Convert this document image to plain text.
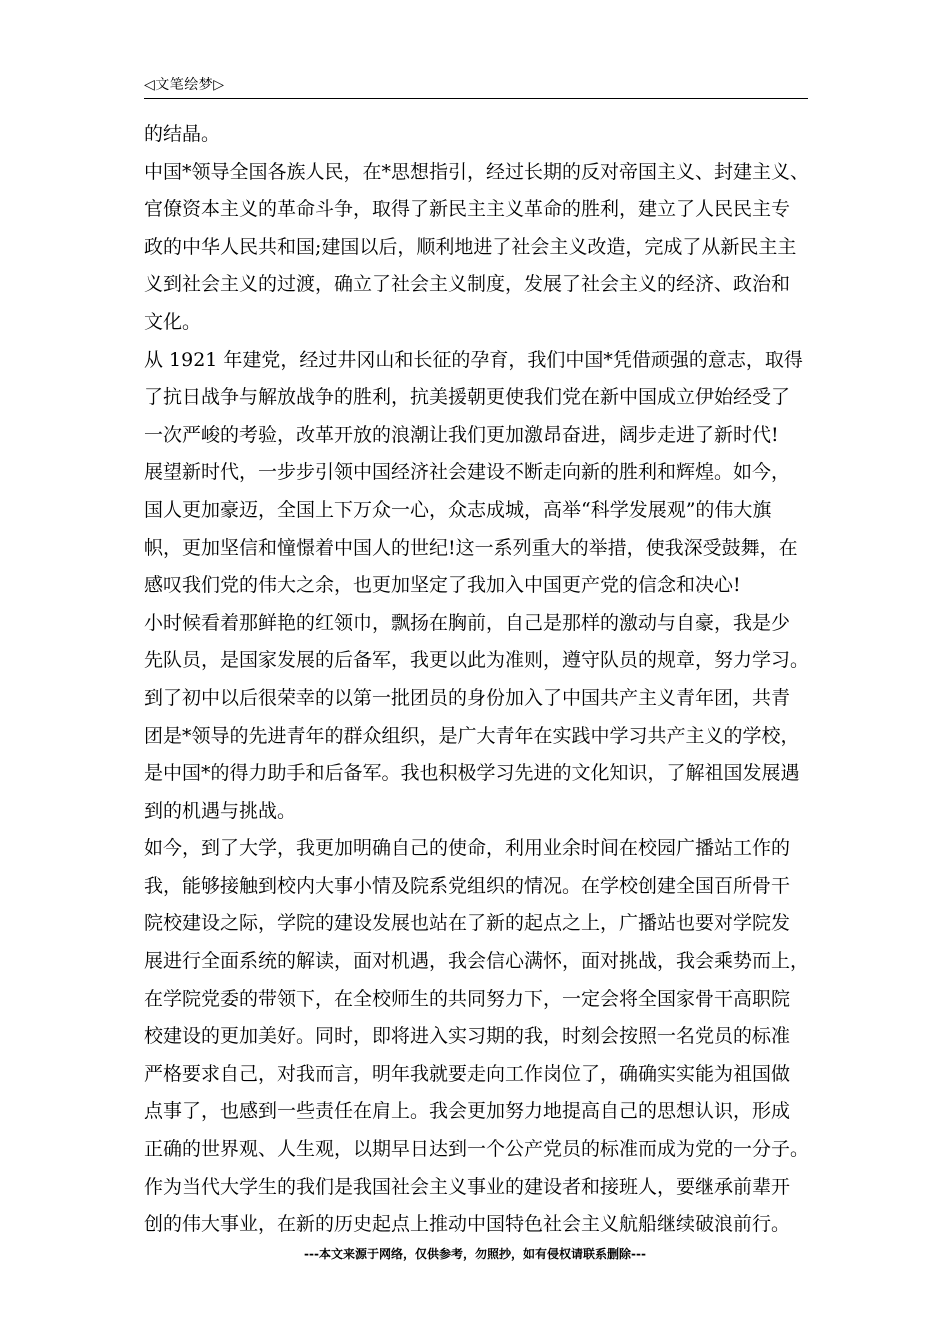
◁文笔绘梦▷
的结晶。
中国*领导全国各族人民，在*思想指引，经过长期的反对帝国主义、封建主义、
官僚资本主义的革命斗争，取得了新民主主义革命的胜利，建立了人民民主专
政的中华人民共和国;建国以后，顺利地进了社会主义改造，完成了从新民主主
义到社会主义的过渡，确立了社会主义制度，发展了社会主义的经济、政治和
文化。
从 1921 年建党，经过井冈山和长征的孕育，我们中国*凭借顽强的意志，取得
了抗日战争与解放战争的胜利，抗美援朝更使我们党在新中国成立伊始经受了
一次严峻的考验，改革开放的浪潮让我们更加激昂奋进，阔步走进了新时代!
展望新时代，一步步引领中国经济社会建设不断走向新的胜利和辉煌。如今，
国人更加豪迈，全国上下万众一心，众志成城，高举“科学发展观”的伟大旗
帜，更加坚信和憧憬着中国人的世纪!这一系列重大的举措，使我深受鼓舞，在
感叹我们党的伟大之余，也更加坚定了我加入中国更产党的信念和决心!
小时候看着那鲜艳的红领巾，飘扬在胸前，自己是那样的激动与自豪，我是少
先队员，是国家发展的后备军，我更以此为准则，遵守队员的规章，努力学习。
到了初中以后很荣幸的以第一批团员的身份加入了中国共产主义青年团，共青
团是*领导的先进青年的群众组织，是广大青年在实践中学习共产主义的学校，
是中国*的得力助手和后备军。我也积极学习先进的文化知识，了解祖国发展遇
到的机遇与挑战。
如今，到了大学，我更加明确自己的使命，利用业余时间在校园广播站工作的
我，能够接触到校内大事小情及院系党组织的情况。在学校创建全国百所骨干
院校建设之际，学院的建设发展也站在了新的起点之上，广播站也要对学院发
展进行全面系统的解读，面对机遇，我会信心满怀，面对挑战，我会乘势而上，
在学院党委的带领下，在全校师生的共同努力下，一定会将全国家骨干高职院
校建设的更加美好。同时，即将进入实习期的我，时刻会按照一名党员的标准
严格要求自己，对我而言，明年我就要走向工作岗位了，确确实实能为祖国做
点事了，也感到一些责任在肩上。我会更加努力地提高自己的思想认识，形成
正确的世界观、人生观，以期早日达到一个公产党员的标准而成为党的一分子。
作为当代大学生的我们是我国社会主义事业的建设者和接班人，要继承前辈开
创的伟大事业，在新的历史起点上推动中国特色社会主义航船继续破浪前行。
---本文来源于网络，仅供参考，勿照抄，如有侵权请联系删除---
